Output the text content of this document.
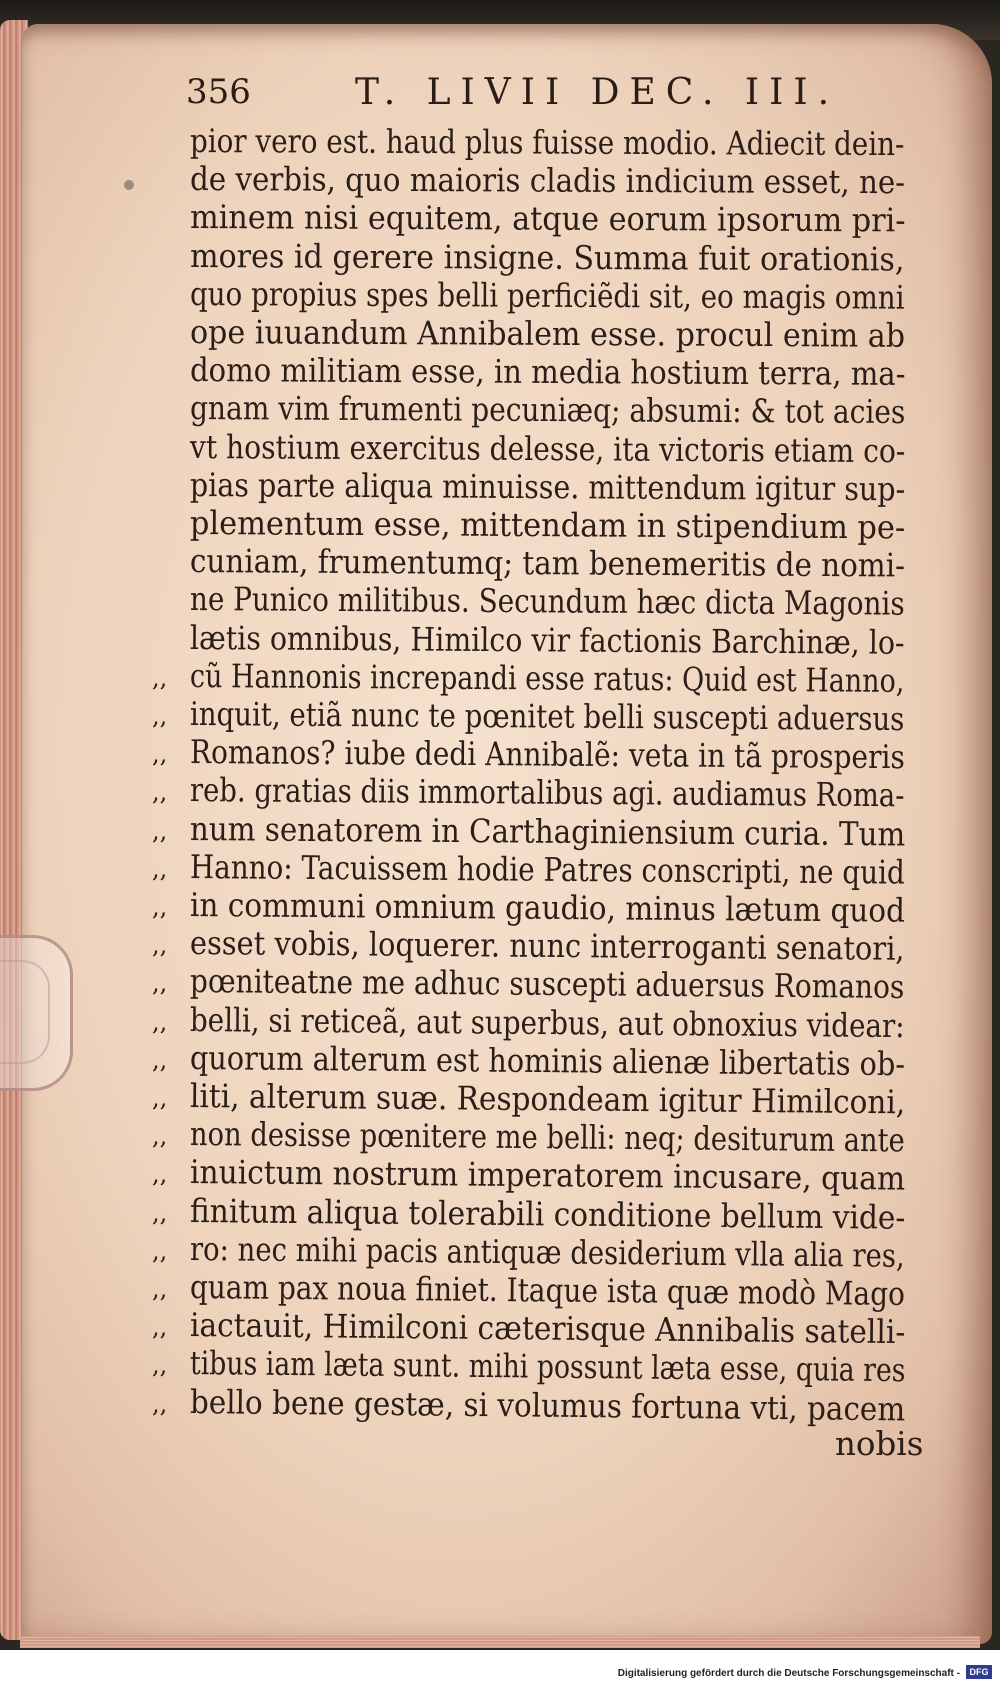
356	T. LIVII DEC. III.
pior vero est. haud plus fuisse modio. Adiecit dein-
de verbis, quo maioris cladis indicium esset, ne-
minem nisi equitem, atque eorum ipsorum pri-
mores id gerere insigne. Summa fuit orationis,
quo propius spes belli perficiẽdi sit, eo magis omni
ope iuuandum Annibalem esse. procul enim ab
domo militiam esse, in media hostium terra, ma-
gnam vim frumenti pecuniæq; absumi: & tot acies
vt hostium exercitus delesse, ita victoris etiam co-
pias parte aliqua minuisse. mittendum igitur sup-
plementum esse, mittendam in stipendium pe-
cuniam, frumentumq; tam benemeritis de nomi-
ne Punico militibus. Secundum hæc dicta Magonis
lætis omnibus, Himilco vir factionis Barchinæ, lo-
cũ Hannonis increpandi esse ratus: Quid est Hanno,
,,
inquit, etiã nunc te pœnitet belli suscepti aduersus
,,
Romanos? iube dedi Annibalẽ: veta in tã prosperis
,,
reb. gratias diis immortalibus agi. audiamus Roma-
,,
num senatorem in Carthaginiensium curia. Tum
,,
Hanno: Tacuissem hodie Patres conscripti, ne quid
,,
in communi omnium gaudio, minus lætum quod
,,
esset vobis, loquerer. nunc interroganti senatori,
,,
pœniteatne me adhuc suscepti aduersus Romanos
,,
belli, si reticeã, aut superbus, aut obnoxius videar:
,,
quorum alterum est hominis alienæ libertatis ob-
,,
liti, alterum suæ. Respondeam igitur Himilconi,
,,
non desisse pœnitere me belli: neq; desiturum ante
,,
inuictum nostrum imperatorem incusare, quam
,,
finitum aliqua tolerabili conditione bellum vide-
,,
ro: nec mihi pacis antiquæ desiderium vlla alia res,
,,
quam pax noua finiet. Itaque ista quæ modò Mago
,,
iactauit, Himilconi cæterisque Annibalis satelli-
,,
tibus iam læta sunt. mihi possunt læta esse, quia res
,,
bello bene gestæ, si volumus fortuna vti, pacem
,,
nobis
Digitalisierung gefördert durch die Deutsche Forschungsgemeinschaft -	DFG
